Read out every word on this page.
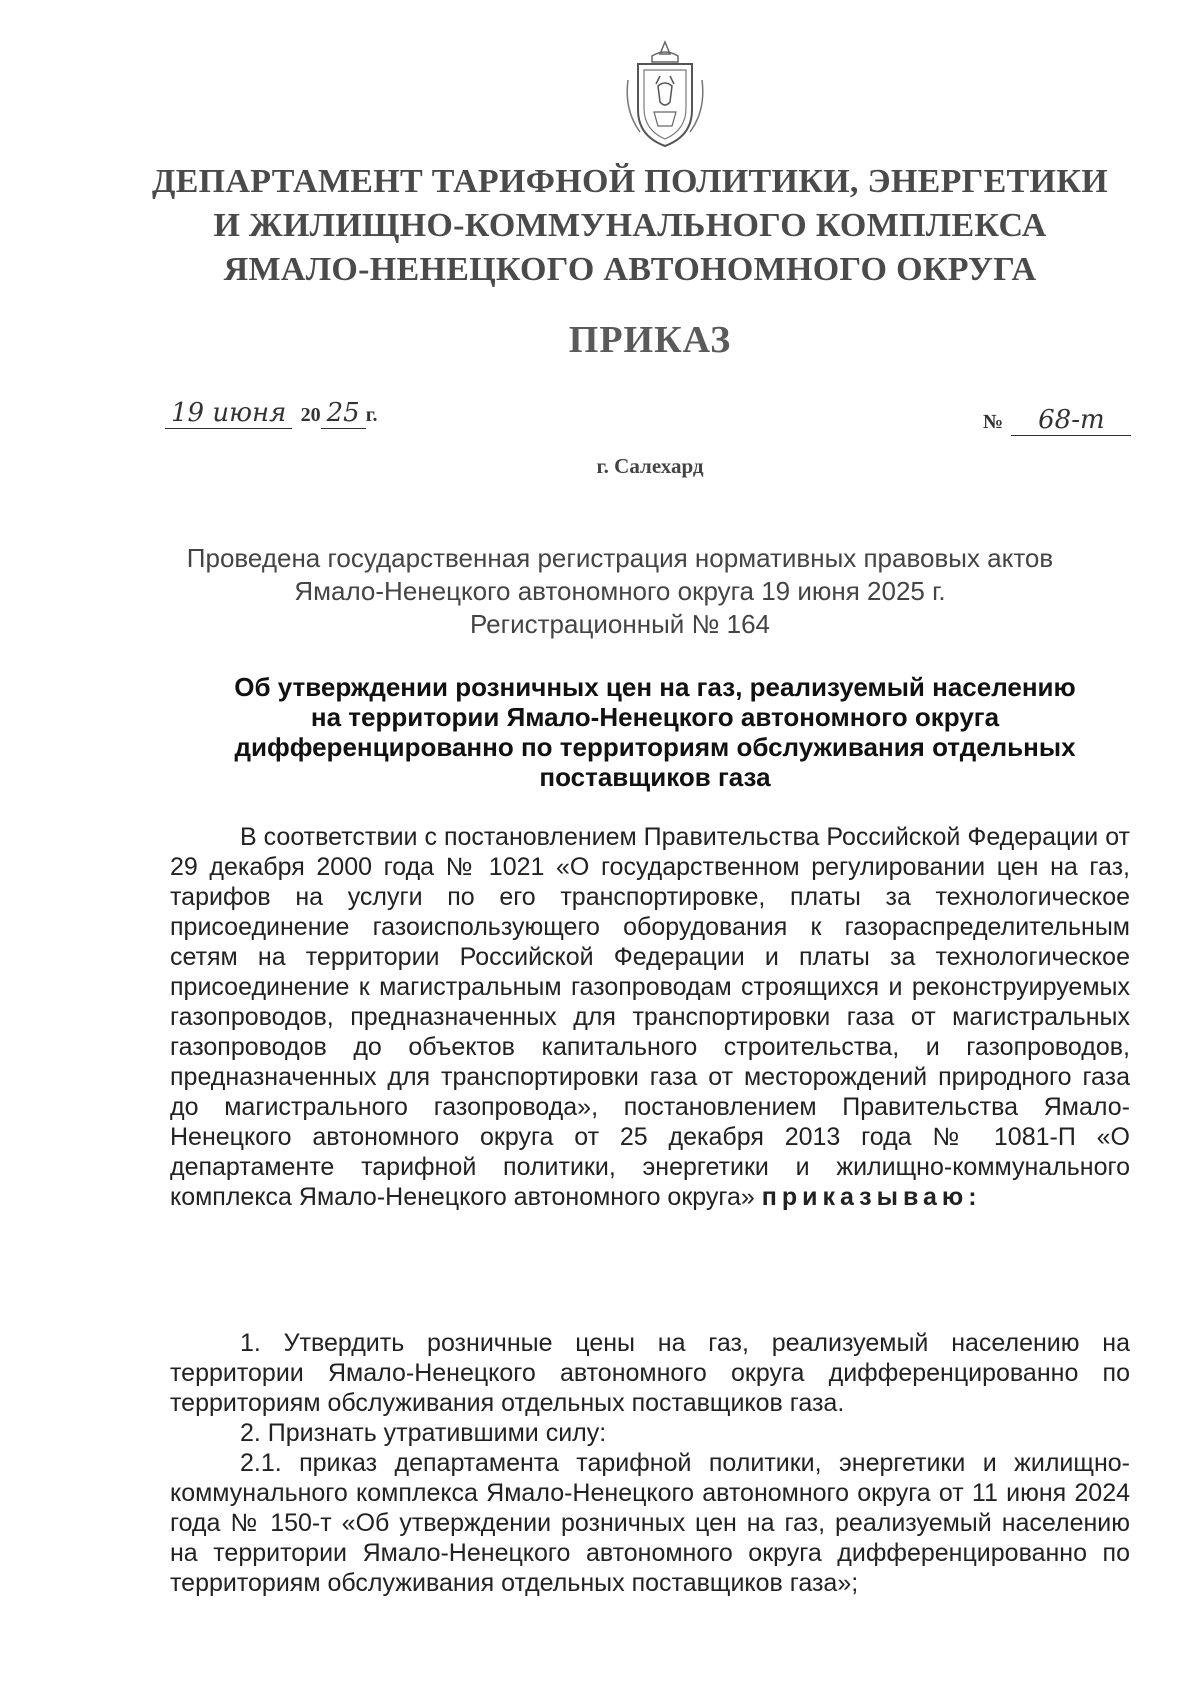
ДЕПАРТАМЕНТ ТАРИФНОЙ ПОЛИТИКИ, ЭНЕРГЕТИКИ
И ЖИЛИЩНО-КОММУНАЛЬНОГО КОМПЛЕКСА
ЯМАЛО-НЕНЕЦКОГО АВТОНОМНОГО ОКРУГА
ПРИКАЗ
19 июня 20 25 г.	№ 68-т
г. Салехард
Проведена государственная регистрация нормативных правовых актов
Ямало-Ненецкого автономного округа 19 июня 2025 г.
Регистрационный № 164
Об утверждении розничных цен на газ, реализуемый населению
на территории Ямало-Ненецкого автономного округа
дифференцированно по территориям обслуживания отдельных
поставщиков газа

В соответствии с постановлением Правительства Российской Федерации от 29 декабря 2000 года № 1021 «О государственном регулировании цен на газ, тарифов на услуги по его транспортировке, платы за технологическое присоединение газоиспользующего оборудования к газораспределительным сетям на территории Российской Федерации и платы за технологическое присоединение к магистральным газопроводам строящихся и реконструируемых газопроводов, предназначенных для транспортировки газа от магистральных газопроводов до объектов капитального строительства, и газопроводов, предназначенных для транспортировки газа от месторождений природного газа до магистрального газопровода», постановлением Правительства Ямало-Ненецкого автономного округа от 25 декабря 2013 года № 1081-П «О департаменте тарифной политики, энергетики и жилищно-коммунального комплекса Ямало-Ненецкого автономного округа» приказываю:

1. Утвердить розничные цены на газ, реализуемый населению на территории Ямало-Ненецкого автономного округа дифференцированно по территориям обслуживания отдельных поставщиков газа.

2. Признать утратившими силу:

2.1. приказ департамента тарифной политики, энергетики и жилищно-коммунального комплекса Ямало-Ненецкого автономного округа от 11 июня 2024 года № 150-т «Об утверждении розничных цен на газ, реализуемый населению на территории Ямало-Ненецкого автономного округа дифференцированно по территориям обслуживания отдельных поставщиков газа»;
